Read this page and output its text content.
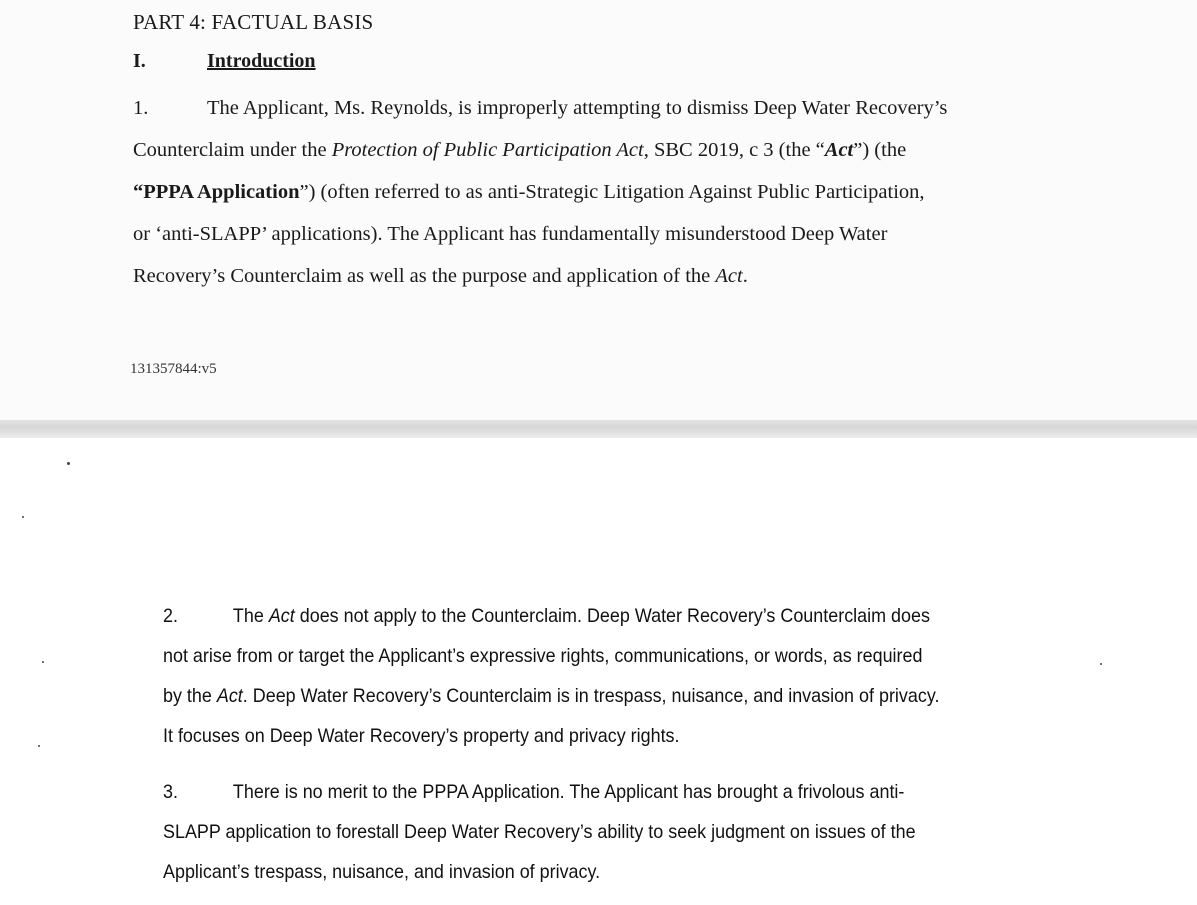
PART 4: FACTUAL BASIS
I.	Introduction
1.	The Applicant, Ms. Reynolds, is improperly attempting to dismiss Deep Water Recovery’s
Counterclaim under the Protection of Public Participation Act, SBC 2019, c 3 (the “Act”) (the
“PPPA Application”) (often referred to as anti-Strategic Litigation Against Public Participation,
or ‘anti-SLAPP’ applications). The Applicant has fundamentally misunderstood Deep Water
Recovery’s Counterclaim as well as the purpose and application of the Act.
131357844:v5
2.	The Act does not apply to the Counterclaim. Deep Water Recovery’s Counterclaim does
not arise from or target the Applicant’s expressive rights, communications, or words, as required
by the Act. Deep Water Recovery’s Counterclaim is in trespass, nuisance, and invasion of privacy.
It focuses on Deep Water Recovery’s property and privacy rights.
3.	There is no merit to the PPPA Application. The Applicant has brought a frivolous anti-
SLAPP application to forestall Deep Water Recovery’s ability to seek judgment on issues of the
Applicant’s trespass, nuisance, and invasion of privacy.
